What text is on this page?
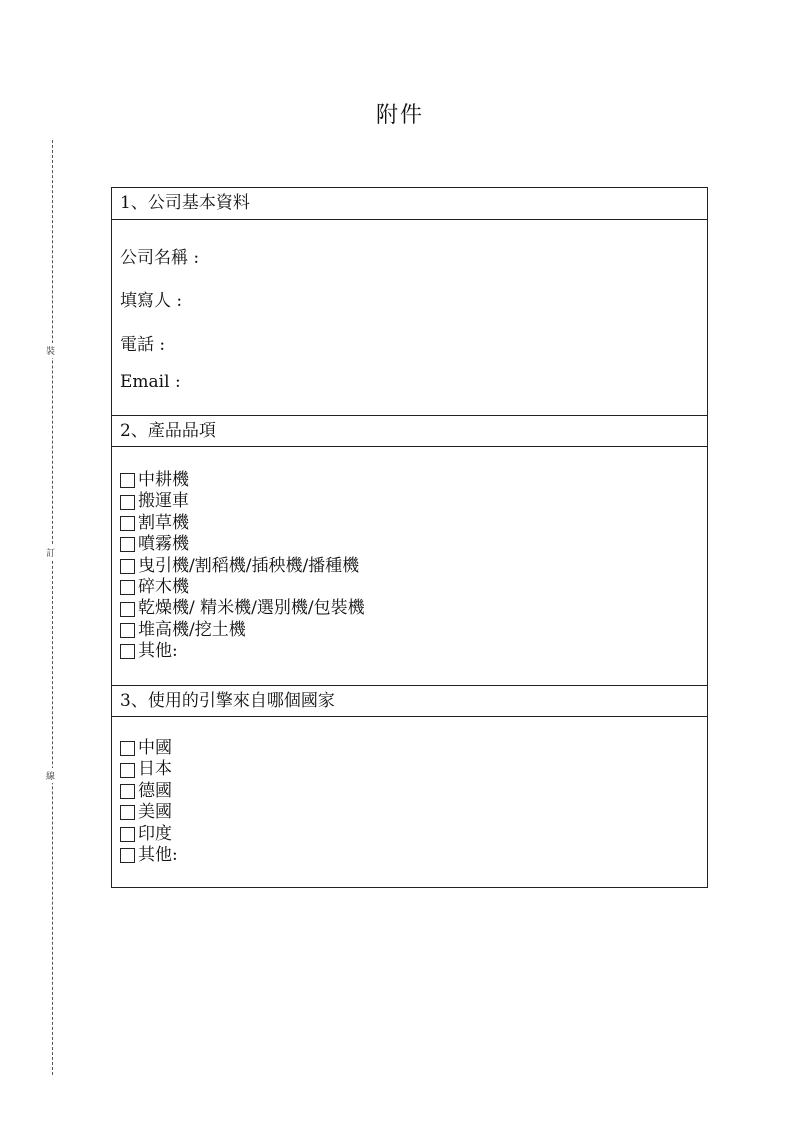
裝
訂
線
附件
1、公司基本資料
公司名稱 :
填寫人 :
電話 :
Email :
2、產品品項
中耕機
搬運車
割草機
噴霧機
曳引機/割稻機/插秧機/播種機
碎木機
乾燥機/ 精米機/選別機/包裝機
堆高機/挖土機
其他:
3、使用的引擎來自哪個國家
中國
日本
德國
美國
印度
其他:
